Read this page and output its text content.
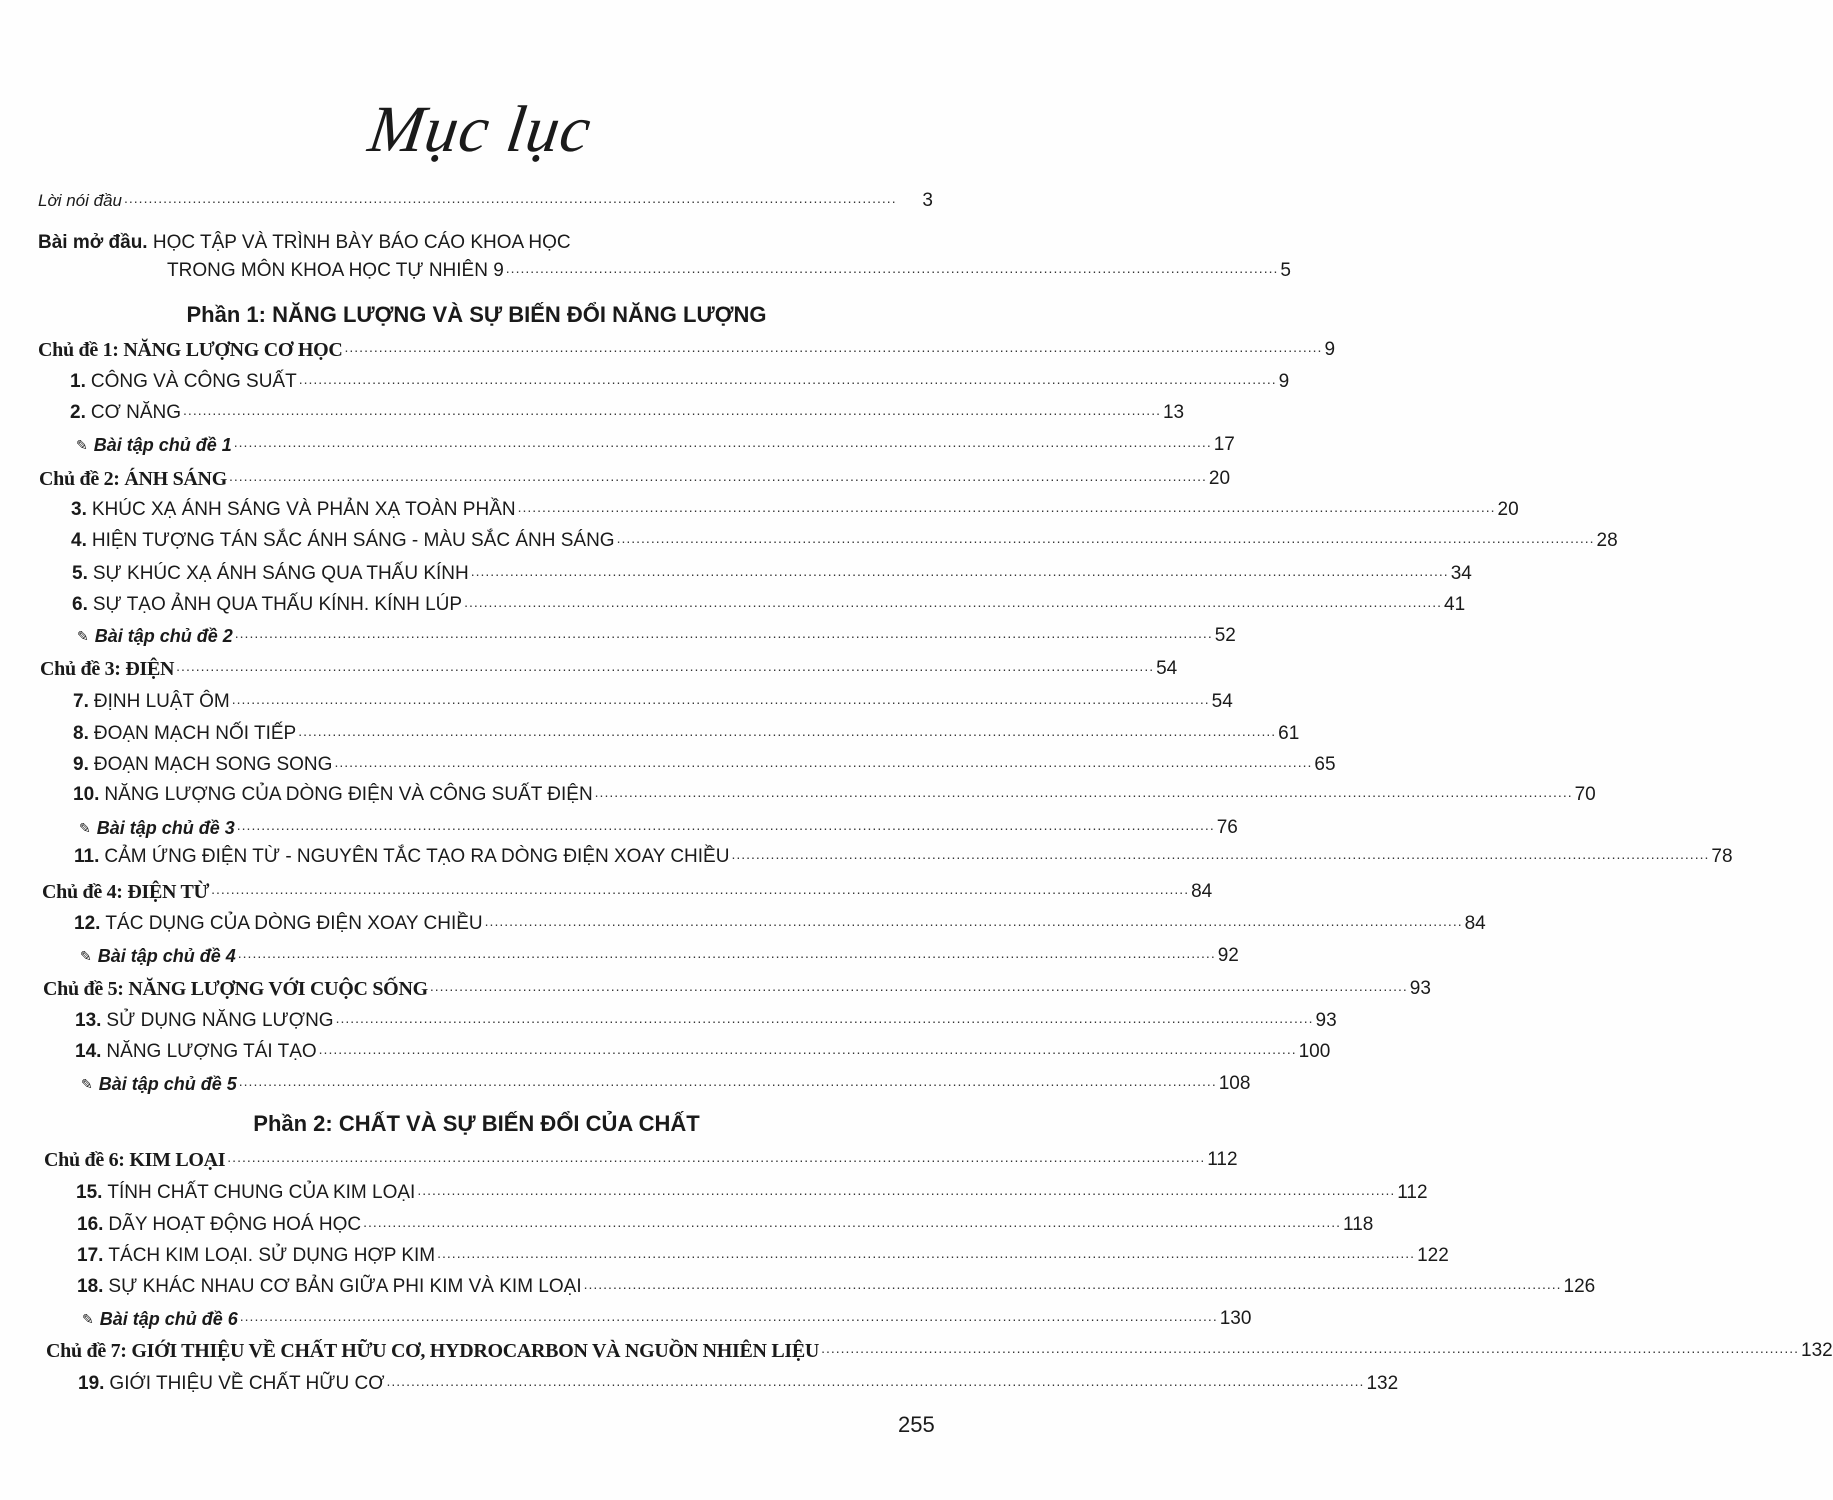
Mục lục
Lời nói đầu ..............................................................................................................................................................	3
Bài mở đầu. HỌC TẬP VÀ TRÌNH BÀY BÁO CÁO KHOA HỌC
TRONG MÔN KHOA HỌC TỰ NHIÊN 9 .............................................................................................................................................................. 5
Phần 1: NĂNG LƯỢNG VÀ SỰ BIẾN ĐỔI NĂNG LƯỢNG
Chủ đề 1: NĂNG LƯỢNG CƠ HỌC ........................................................................................................................................................................................................ 9
1. CÔNG VÀ CÔNG SUẤT ........................................................................................................................................................................................................ 9
2. CƠ NĂNG ........................................................................................................................................................................................................ 13
✎ Bài tập chủ đề 1 ........................................................................................................................................................................................................ 17
Chủ đề 2: ÁNH SÁNG ........................................................................................................................................................................................................ 20
3. KHÚC XẠ ÁNH SÁNG VÀ PHẢN XẠ TOÀN PHẦN ........................................................................................................................................................................................................ 20
4. HIỆN TƯỢNG TÁN SẮC ÁNH SÁNG - MÀU SẮC ÁNH SÁNG ........................................................................................................................................................................................................ 28
5. SỰ KHÚC XẠ ÁNH SÁNG QUA THẤU KÍNH ........................................................................................................................................................................................................ 34
6. SỰ TẠO ẢNH QUA THẤU KÍNH. KÍNH LÚP ........................................................................................................................................................................................................ 41
✎ Bài tập chủ đề 2 ........................................................................................................................................................................................................ 52
Chủ đề 3: ĐIỆN ........................................................................................................................................................................................................ 54
7. ĐỊNH LUẬT ÔM ........................................................................................................................................................................................................ 54
8. ĐOẠN MẠCH NỐI TIẾP ........................................................................................................................................................................................................ 61
9. ĐOẠN MẠCH SONG SONG ........................................................................................................................................................................................................ 65
10. NĂNG LƯỢNG CỦA DÒNG ĐIỆN VÀ CÔNG SUẤT ĐIỆN ........................................................................................................................................................................................................ 70
✎ Bài tập chủ đề 3 ........................................................................................................................................................................................................ 76
11. CẢM ỨNG ĐIỆN TỪ - NGUYÊN TẮC TẠO RA DÒNG ĐIỆN XOAY CHIỀU ........................................................................................................................................................................................................ 78
Chủ đề 4: ĐIỆN TỪ ........................................................................................................................................................................................................ 84
12. TÁC DỤNG CỦA DÒNG ĐIỆN XOAY CHIỀU ........................................................................................................................................................................................................ 84
✎ Bài tập chủ đề 4 ........................................................................................................................................................................................................ 92
Chủ đề 5: NĂNG LƯỢNG VỚI CUỘC SỐNG ........................................................................................................................................................................................................ 93
13. SỬ DỤNG NĂNG LƯỢNG ........................................................................................................................................................................................................ 93
14. NĂNG LƯỢNG TÁI TẠO ........................................................................................................................................................................................................ 100
✎ Bài tập chủ đề 5 ........................................................................................................................................................................................................ 108
Phần 2: CHẤT VÀ SỰ BIẾN ĐỔI CỦA CHẤT
Chủ đề 6: KIM LOẠI ........................................................................................................................................................................................................ 112
15. TÍNH CHẤT CHUNG CỦA KIM LOẠI ........................................................................................................................................................................................................ 112
16. DÃY HOẠT ĐỘNG HOÁ HỌC ........................................................................................................................................................................................................ 118
17. TÁCH KIM LOẠI. SỬ DỤNG HỢP KIM ........................................................................................................................................................................................................ 122
18. SỰ KHÁC NHAU CƠ BẢN GIỮA PHI KIM VÀ KIM LOẠI ........................................................................................................................................................................................................ 126
✎ Bài tập chủ đề 6 ........................................................................................................................................................................................................ 130
Chủ đề 7: GIỚI THIỆU VỀ CHẤT HỮU CƠ, HYDROCARBON VÀ NGUỒN NHIÊN LIỆU ........................................................................................................................................................................................................ 132
19. GIỚI THIỆU VỀ CHẤT HỮU CƠ ........................................................................................................................................................................................................ 132
255
